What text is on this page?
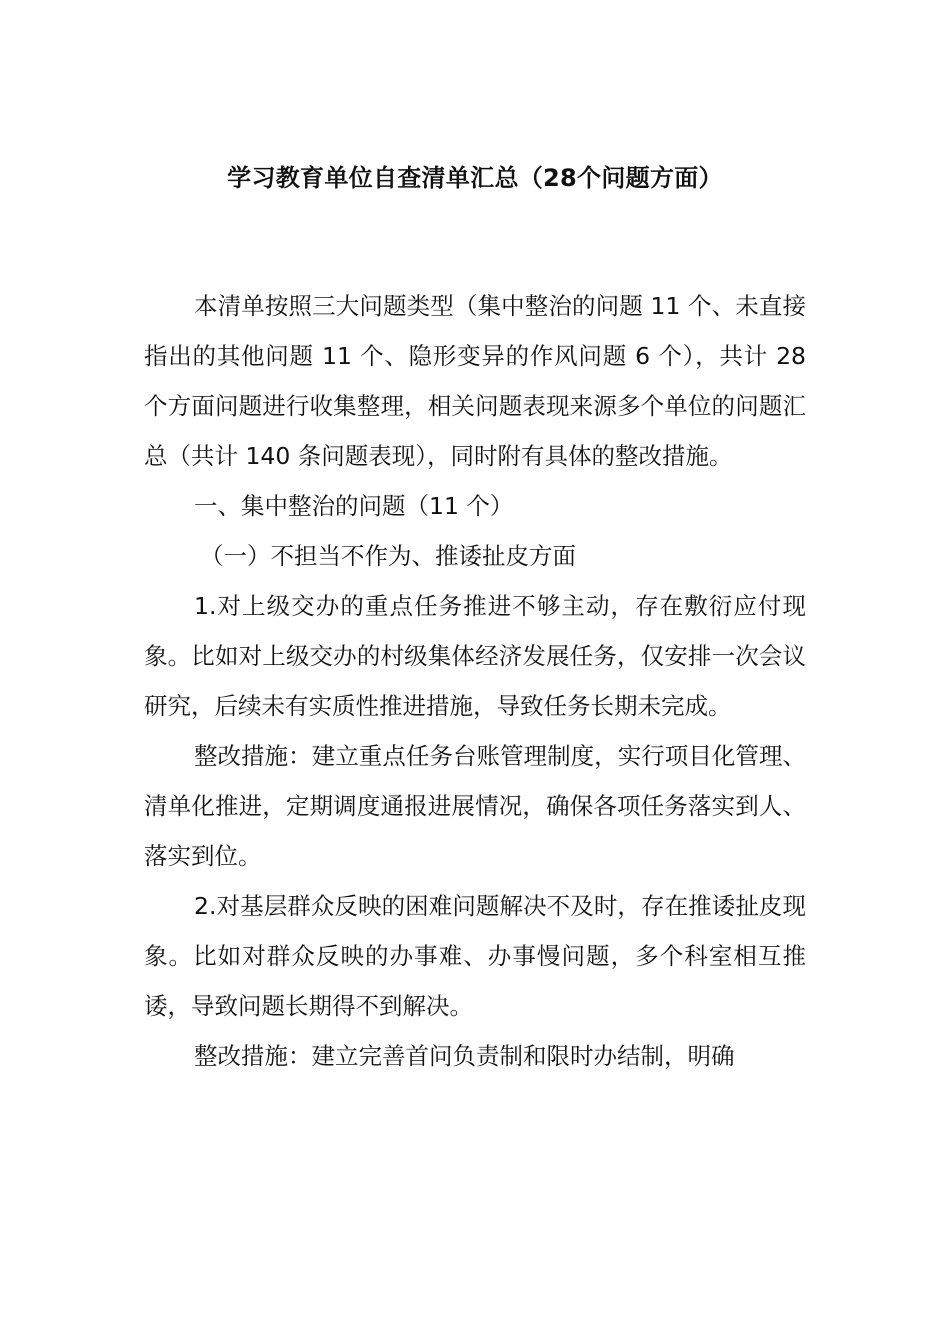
学习教育单位自查清单汇总（28个问题方面）

本清单按照三大问题类型（集中整治的问题 11 个、未直接指出的其他问题 11 个、隐形变异的作风问题 6 个），共计 28 个方面问题进行收集整理，相关问题表现来源多个单位的问题汇总（共计 140 条问题表现），同时附有具体的整改措施。

一、集中整治的问题（11 个）

（一）不担当不作为、推诿扯皮方面

1.对上级交办的重点任务推进不够主动，存在敷衍应付现象。比如对上级交办的村级集体经济发展任务，仅安排一次会议研究，后续未有实质性推进措施，导致任务长期未完成。

整改措施：建立重点任务台账管理制度，实行项目化管理、清单化推进，定期调度通报进展情况，确保各项任务落实到人、落实到位。

2.对基层群众反映的困难问题解决不及时，存在推诿扯皮现象。比如对群众反映的办事难、办事慢问题，多个科室相互推诿，导致问题长期得不到解决。

整改措施：建立完善首问负责制和限时办结制，明确
